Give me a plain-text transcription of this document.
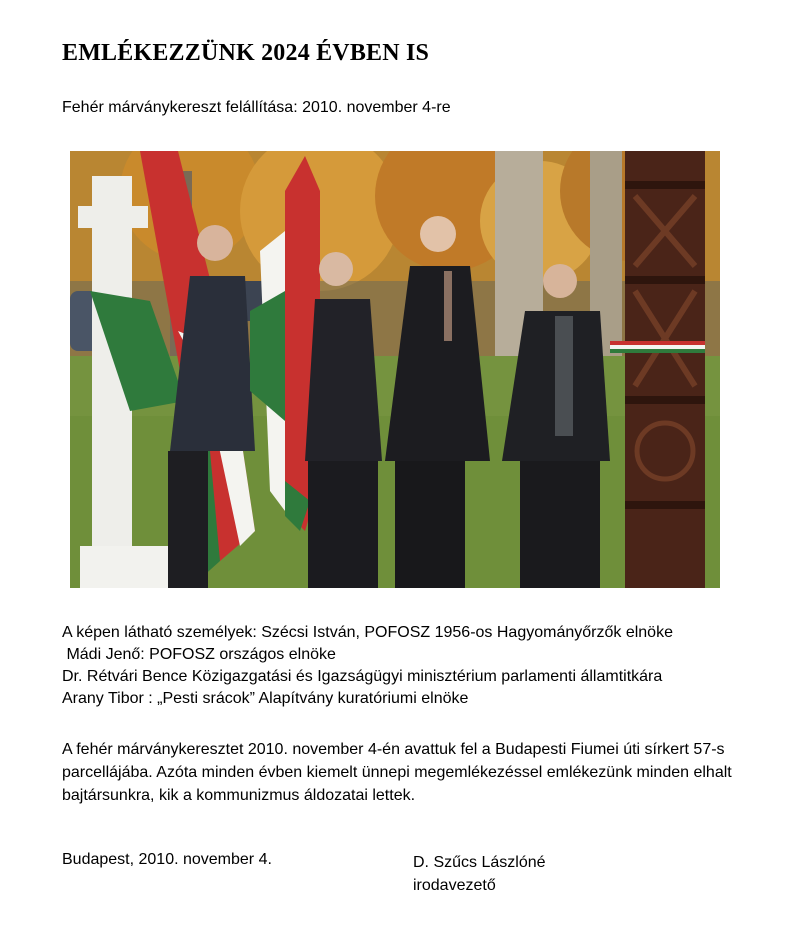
EMLÉKEZZÜNK 2024 ÉVBEN IS
Fehér márványkereszt felállítása: 2010. november 4-re
A képen látható személyek: Szécsi István, POFOSZ 1956-os Hagyományőrzők elnöke
Mádi Jenő: POFOSZ országos elnöke
Dr. Rétvári Bence Közigazgatási és Igazságügyi minisztérium parlamenti államtitkára
Arany Tibor : „Pesti srácok” Alapítvány kuratóriumi elnöke
A fehér márványkeresztet 2010. november 4-én avattuk fel a Budapesti Fiumei úti sírkert 57-s parcellájába. Azóta minden évben kiemelt ünnepi megemlékezéssel emlékezünk minden elhalt bajtársunkra, kik a kommunizmus áldozatai lettek.
Budapest, 2010. november 4.	D. Szűcs Lászlóné
irodavezető
